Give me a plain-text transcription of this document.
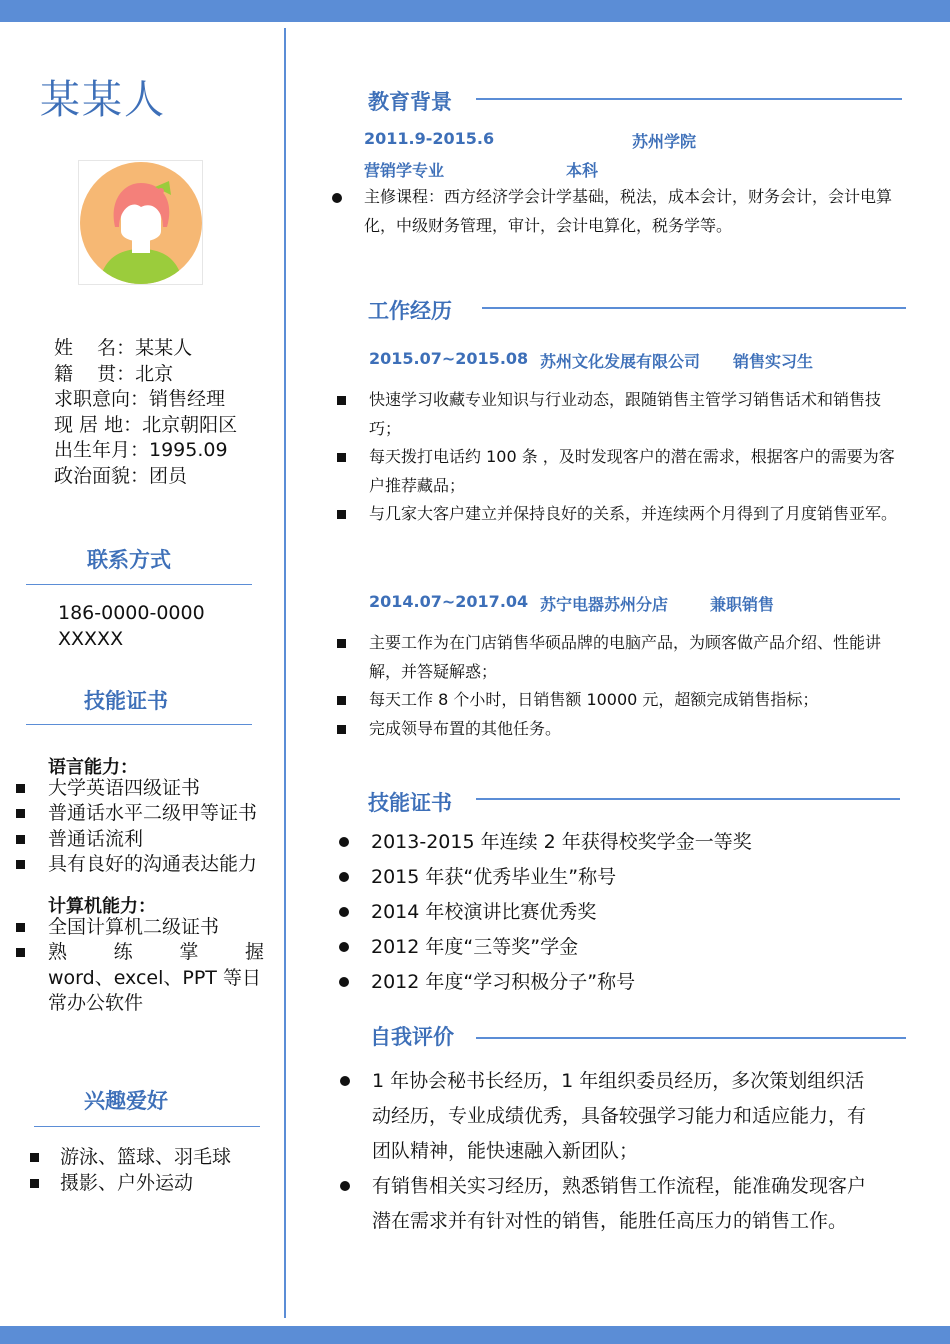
某某人
姓    名：某某人
籍    贯：北京
求职意向：销售经理
现 居 地：北京朝阳区
出生年月：1995.09
政治面貌：团员
联系方式
186-0000-0000
XXXXX
技能证书
语言能力：
大学英语四级证书
普通话水平二级甲等证书
普通话流利
具有良好的沟通表达能力
计算机能力：
全国计算机二级证书
熟 练 掌 握
word、excel、PPT 等日
常办公软件
兴趣爱好
游泳、篮球、羽毛球
摄影、户外运动
教育背景
2011.9-2015.6	苏州学院
营销学专业	本科
主修课程：西方经济学会计学基础，税法，成本会计，财务会计，会计电算化，中级财务管理，审计，会计电算化，税务学等。
工作经历
2015.07~2015.08 苏州文化发展有限公司 销售实习生
快速学习收藏专业知识与行业动态，跟随销售主管学习销售话术和销售技巧；
每天拨打电话约 100 条 ，及时发现客户的潜在需求，根据客户的需要为客户推荐藏品；
与几家大客户建立并保持良好的关系，并连续两个月得到了月度销售亚军。
2014.07~2017.04 苏宁电器苏州分店	兼职销售
主要工作为在门店销售华硕品牌的电脑产品，为顾客做产品介绍、性能讲解，并答疑解惑；
每天工作 8 个小时，日销售额 10000 元，超额完成销售指标；
完成领导布置的其他任务。
技能证书
2013-2015 年连续 2 年获得校奖学金一等奖
2015 年获“优秀毕业生”称号
2014 年校演讲比赛优秀奖
2012 年度“三等奖”学金
2012 年度“学习积极分子”称号
自我评价
1 年协会秘书长经历，1 年组织委员经历，多次策划组织活动经历，专业成绩优秀，具备较强学习能力和适应能力，有团队精神，能快速融入新团队；
有销售相关实习经历，熟悉销售工作流程，能准确发现客户潜在需求并有针对性的销售，能胜任高压力的销售工作。
